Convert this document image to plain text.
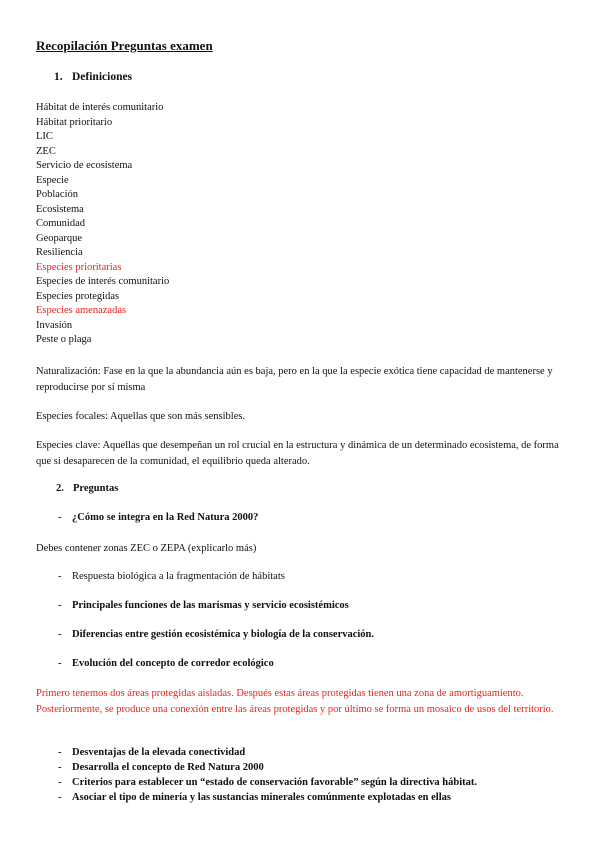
Recopilación Preguntas examen
1. Definiciones
Hábitat de interés comunitario
Hábitat prioritario
LIC
ZEC
Servicio de ecosistema
Especie
Población
Ecosistema
Comunidad
Geoparque
Resiliencia
Especies prioritarias
Especies de interés comunitario
Especies protegidas
Especies amenazadas
Invasión
Peste o plaga
Naturalización: Fase en la que la abundancia aún es baja, pero en la que la especie exótica tiene capacidad de mantenerse y reproducirse por sí misma
Especies focales: Aquellas que son más sensibles.
Especies clave: Aquellas que desempeñan un rol crucial en la estructura y dinámica de un determinado ecosistema, de forma que si desaparecen de la comunidad, el equilibrio queda alterado.
2. Preguntas
- ¿Cómo se integra en la Red Natura 2000?
Debes contener zonas ZEC o ZEPA (explicarlo más)
- Respuesta biológica a la fragmentación de hábitats
- Principales funciones de las marismas y servicio ecosistémicos
- Diferencias entre gestión ecosistémica y biología de la conservación.
- Evolución del concepto de corredor ecológico
Primero tenemos dos áreas protegidas aisladas. Después estas áreas protegidas tienen una zona de amortiguamiento. Posteriormente, se produce una conexión entre las áreas protegidas y por último se forma un mosaico de usos del territorio.
- Desventajas de la elevada conectividad
- Desarrolla el concepto de Red Natura 2000
- Criterios para establecer un “estado de conservación favorable” según la directiva hábitat.
- Asociar el tipo de minería y las sustancias minerales comúnmente explotadas en ellas
